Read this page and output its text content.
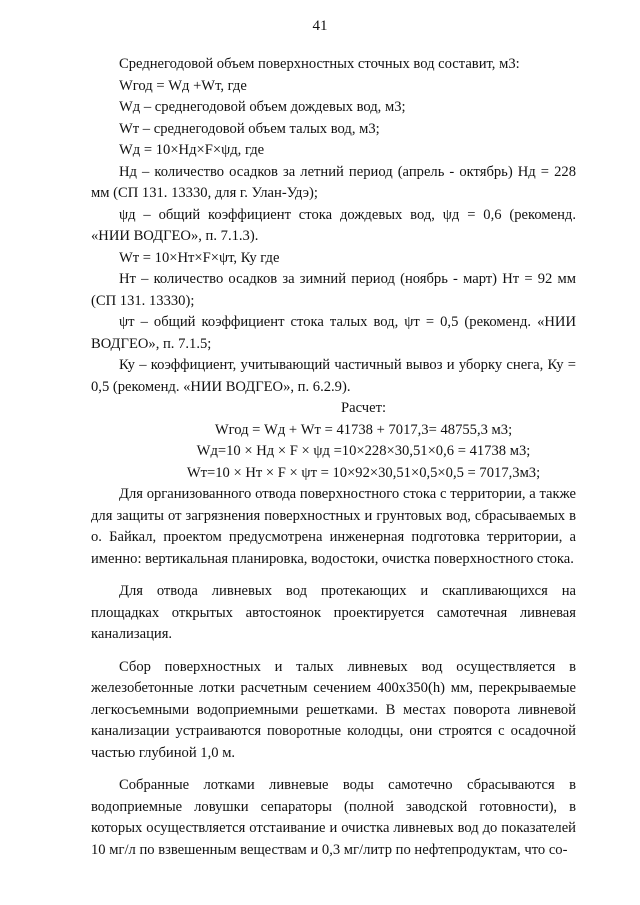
41

Среднегодовой объем поверхностных сточных вод составит, м3:

Wгод = Wд +Wт, где

Wд – среднегодовой объем дождевых вод, м3;

Wт – среднегодовой объем талых вод, м3;

Wд = 10×Hд×F×ψд, где

Hд – количество осадков за летний период (апрель - октябрь) Hд = 228 мм (СП 131. 13330, для г. Улан-Удэ);

ψд – общий коэффициент стока дождевых вод, ψд = 0,6 (рекоменд. «НИИ ВОДГЕО», п. 7.1.3).

Wт = 10×Hт×F×ψт, Ку где

Hт – количество осадков за зимний период (ноябрь - март) Hт = 92 мм (СП 131. 13330);

ψт – общий коэффициент стока талых вод, ψт = 0,5 (рекоменд. «НИИ ВОДГЕО», п. 7.1.5;

Ку – коэффициент, учитывающий частичный вывоз и уборку снега, Ку = 0,5 (рекоменд. «НИИ ВОДГЕО», п. 6.2.9).

Расчет:

Wгод = Wд + Wт = 41738 + 7017,3= 48755,3 м3;

Wд=10 × Hд × F × ψд =10×228×30,51×0,6 = 41738 м3;

Wт=10 × Hт × F × ψт = 10×92×30,51×0,5×0,5 = 7017,3м3;

Для организованного отвода поверхностного стока с территории, а также для защиты от загрязнения поверхностных и грунтовых вод, сбрасываемых в о. Байкал, проектом предусмотрена инженерная подготовка территории, а именно: вертикальная планировка, водостоки, очистка поверхностного стока.

Для отвода ливневых вод протекающих и скапливающихся на площадках открытых автостоянок проектируется самотечная ливневая канализация.

Сбор поверхностных и талых ливневых вод осуществляется в железобетонные лотки расчетным сечением 400х350(h) мм, перекрываемые легкосъемными водоприемными решетками. В местах поворота ливневой канализации устраиваются поворотные колодцы, они строятся с осадочной частью глубиной 1,0 м.

Собранные лотками ливневые воды самотечно сбрасываются в водоприемные ловушки сепараторы (полной заводской готовности), в которых осуществляется отстаивание и очистка ливневых вод до показателей 10 мг/л по взвешенным веществам и 0,3 мг/литр по нефтепродуктам, что со-
